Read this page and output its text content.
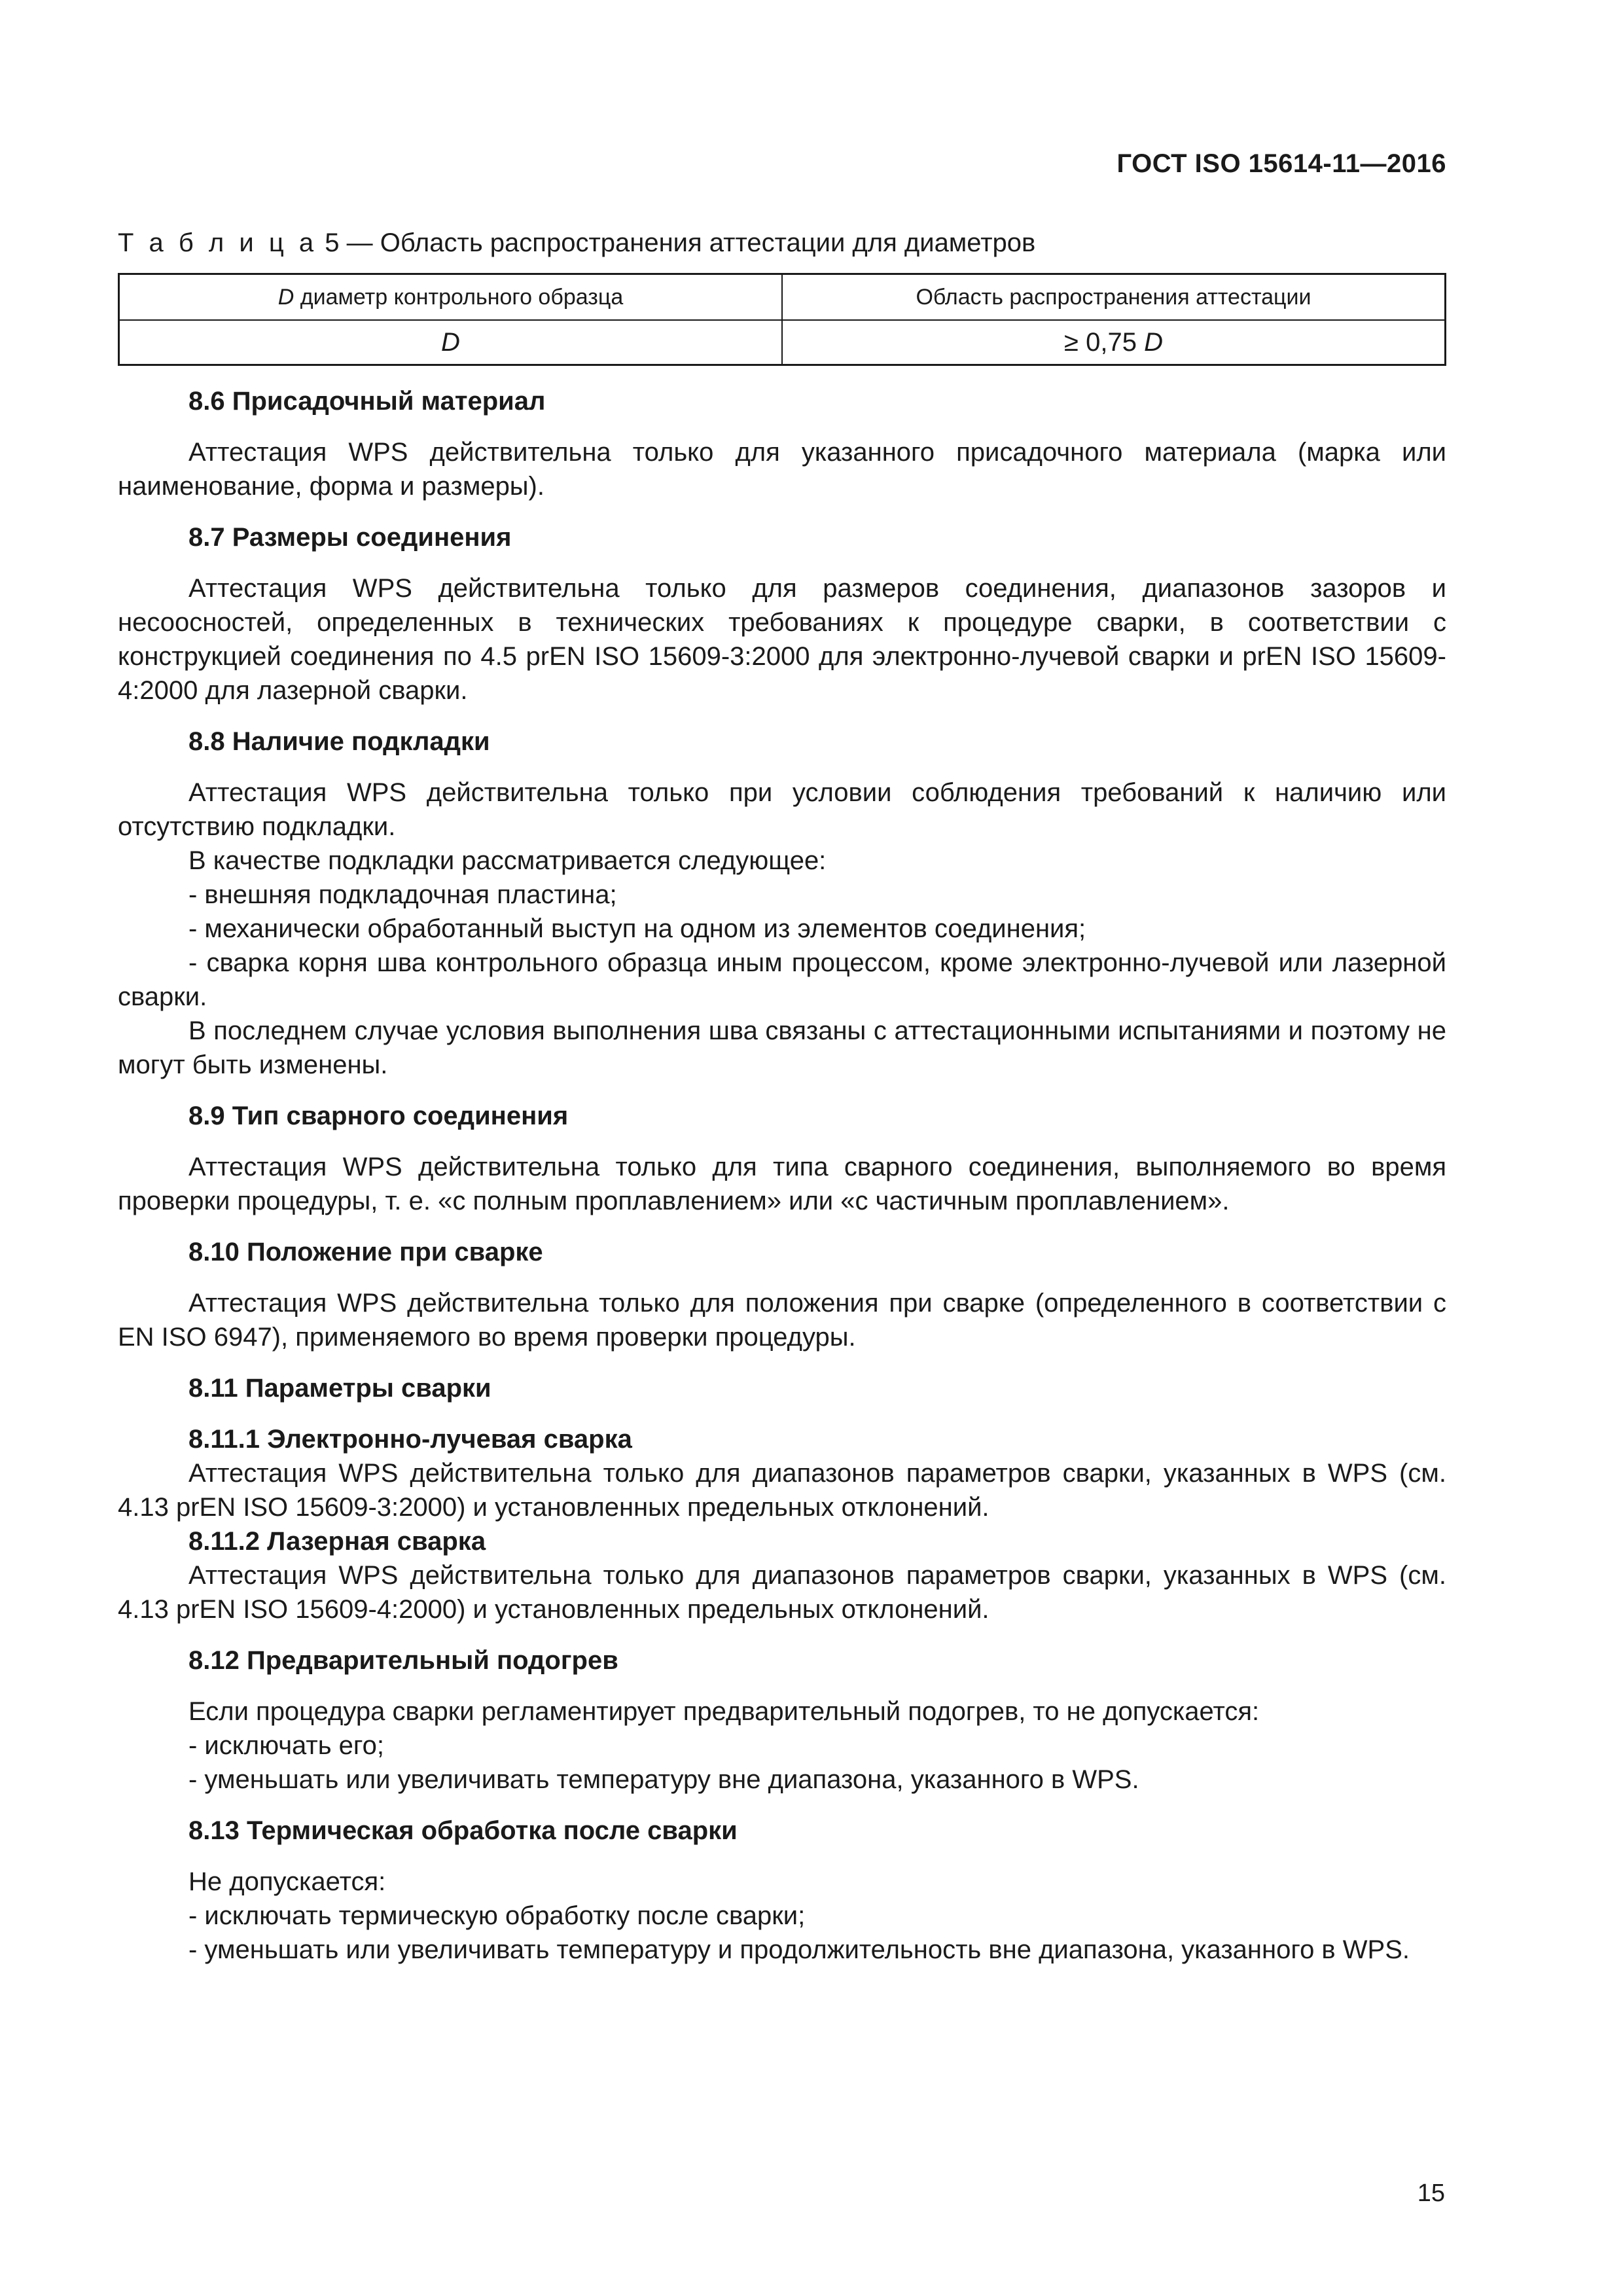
ГОСТ ISO 15614-11—2016
Т а б л и ц а 5 — Область распространения аттестации для диаметров
D диаметр контрольного образца	Область распространения аттестации
D	≥ 0,75 D
8.6 Присадочный материал

Аттестация WPS действительна только для указанного присадочного материала (марка или наименование, форма и размеры).

8.7 Размеры соединения

Аттестация WPS действительна только для размеров соединения, диапазонов зазоров и несоосностей, определенных в технических требованиях к процедуре сварки, в соответствии с конструкцией соединения по 4.5 prEN ISO 15609-3:2000 для электронно-лучевой сварки и prEN ISO 15609-4:2000 для лазерной сварки.

8.8 Наличие подкладки

Аттестация WPS действительна только при условии соблюдения требований к наличию или отсутствию подкладки.

В качестве подкладки рассматривается следующее:

- внешняя подкладочная пластина;

- механически обработанный выступ на одном из элементов соединения;

- сварка корня шва контрольного образца иным процессом, кроме электронно-лучевой или лазерной сварки.

В последнем случае условия выполнения шва связаны с аттестационными испытаниями и поэтому не могут быть изменены.

8.9 Тип сварного соединения

Аттестация WPS действительна только для типа сварного соединения, выполняемого во время проверки процедуры, т. е. «с полным проплавлением» или «с частичным проплавлением».

8.10 Положение при сварке

Аттестация WPS действительна только для положения при сварке (определенного в соответствии с EN ISO 6947), применяемого во время проверки процедуры.

8.11 Параметры сварки
8.11.1 Электронно-лучевая сварка

Аттестация WPS действительна только для диапазонов параметров сварки, указанных в WPS (см. 4.13 prEN ISO 15609-3:2000) и установленных предельных отклонений.

8.11.2 Лазерная сварка

Аттестация WPS действительна только для диапазонов параметров сварки, указанных в WPS (см. 4.13 prEN ISO 15609-4:2000) и установленных предельных отклонений.

8.12 Предварительный подогрев

Если процедура сварки регламентирует предварительный подогрев, то не допускается:

- исключать его;

- уменьшать или увеличивать температуру вне диапазона, указанного в WPS.

8.13 Термическая обработка после сварки

Не допускается:

- исключать термическую обработку после сварки;

- уменьшать или увеличивать температуру и продолжительность вне диапазона, указанного в WPS.

15
